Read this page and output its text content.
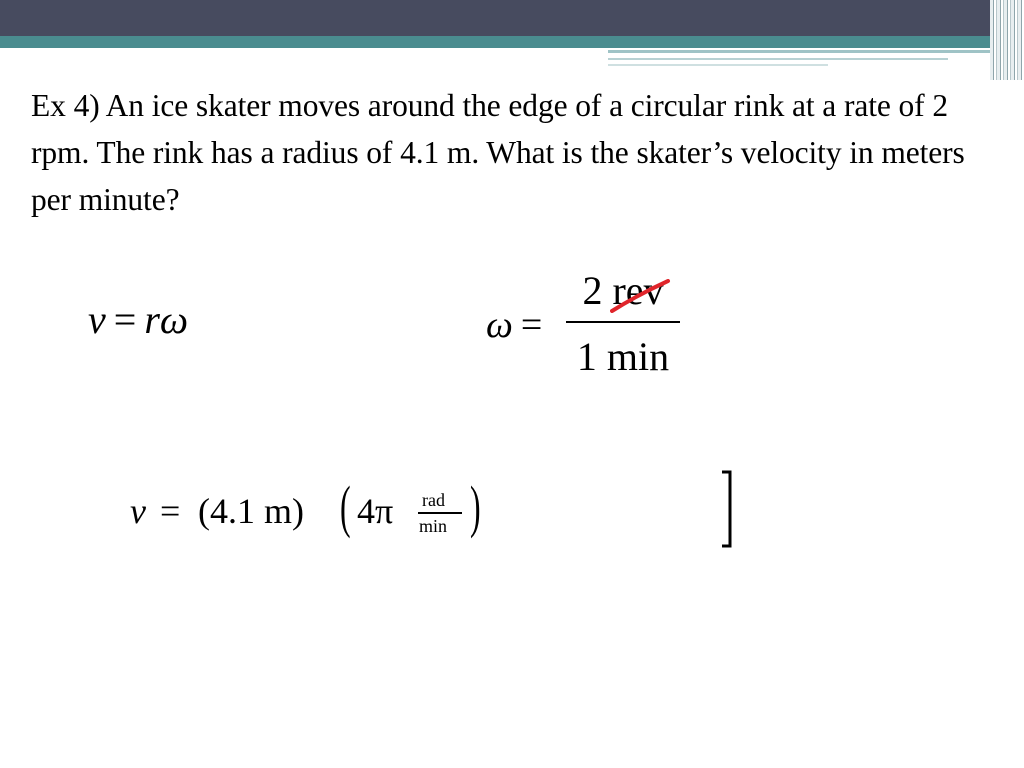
Ex 4) An ice skater moves around the edge of a circular rink at a rate of 2 rpm. The rink has a radius of 4.1 m. What is the skater’s velocity in meters per minute?
v = rω	ω =
2 rev
1 min
v = (4.1 m) ( 4π rad
min )
